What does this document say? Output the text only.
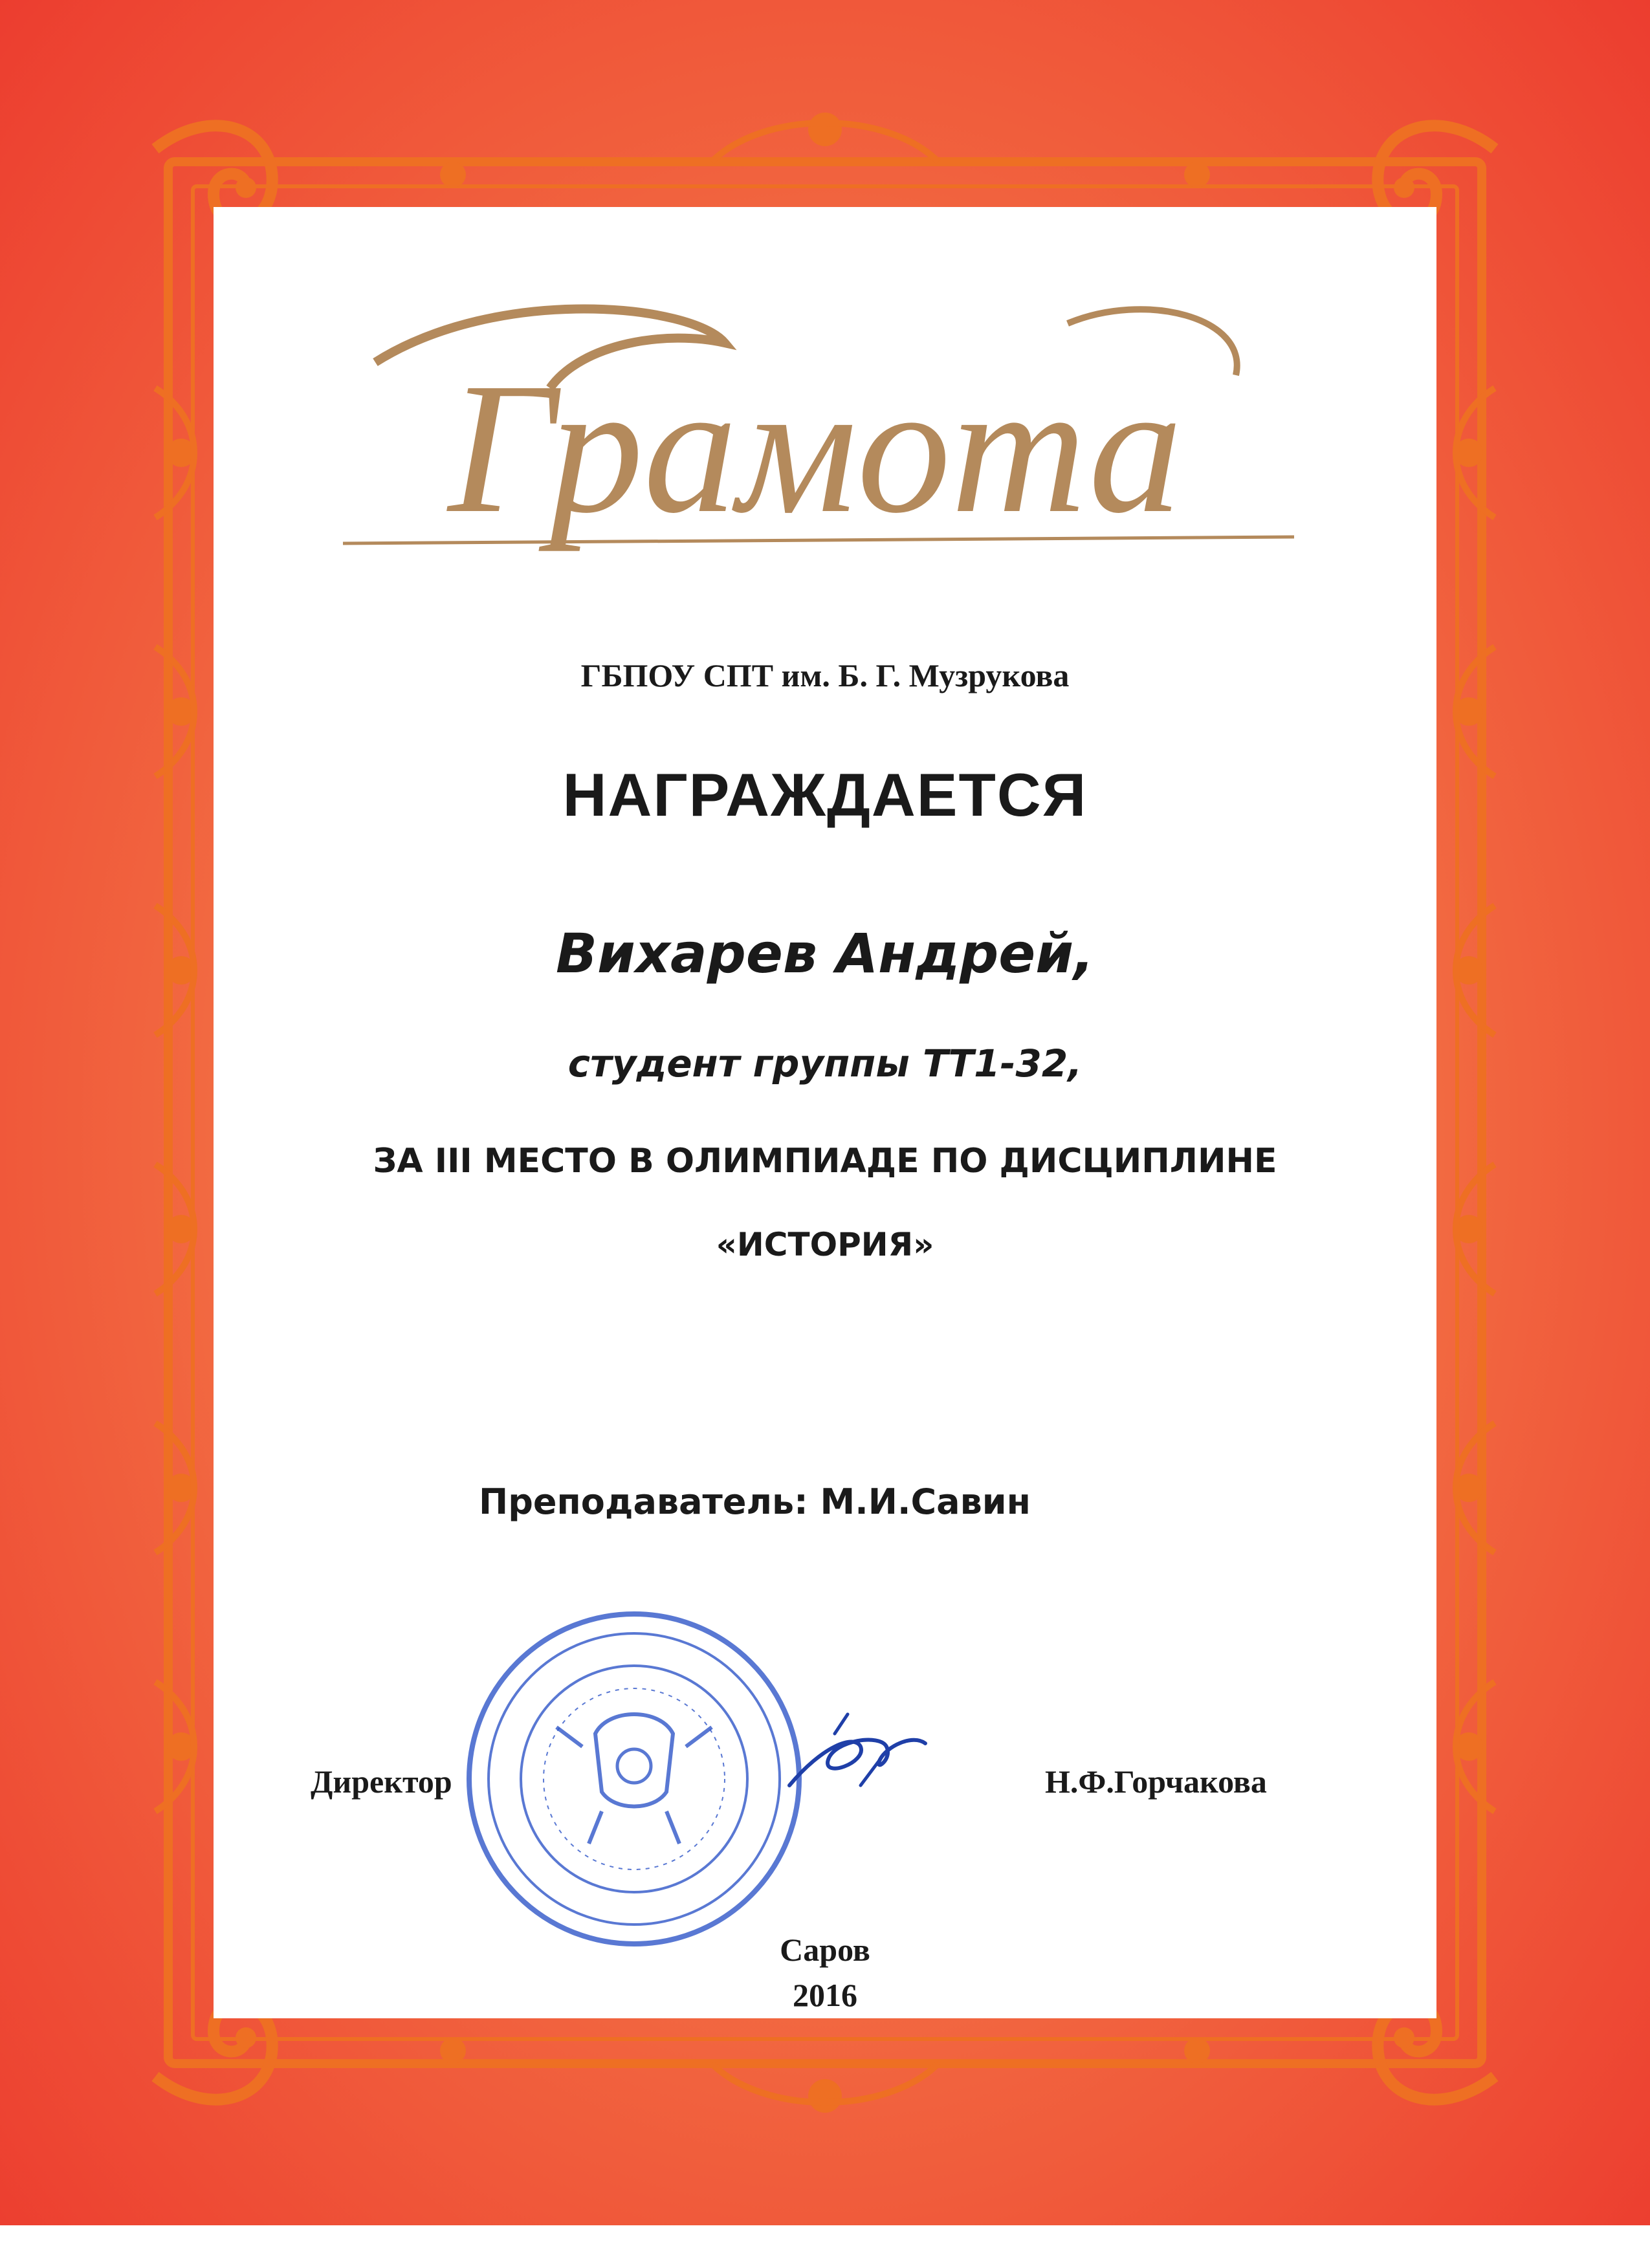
Грамота
ГБПОУ СПТ им. Б. Г. Музрукова
НАГРАЖДАЕТСЯ
Вихарев Андрей,
студент группы ТТ1-32,
ЗА III МЕСТО В ОЛИМПИАДЕ ПО ДИСЦИПЛИНЕ
«ИСТОРИЯ»
Преподаватель: М.И.Савин
Директор	Н.Ф.Горчакова
Саров
2016
